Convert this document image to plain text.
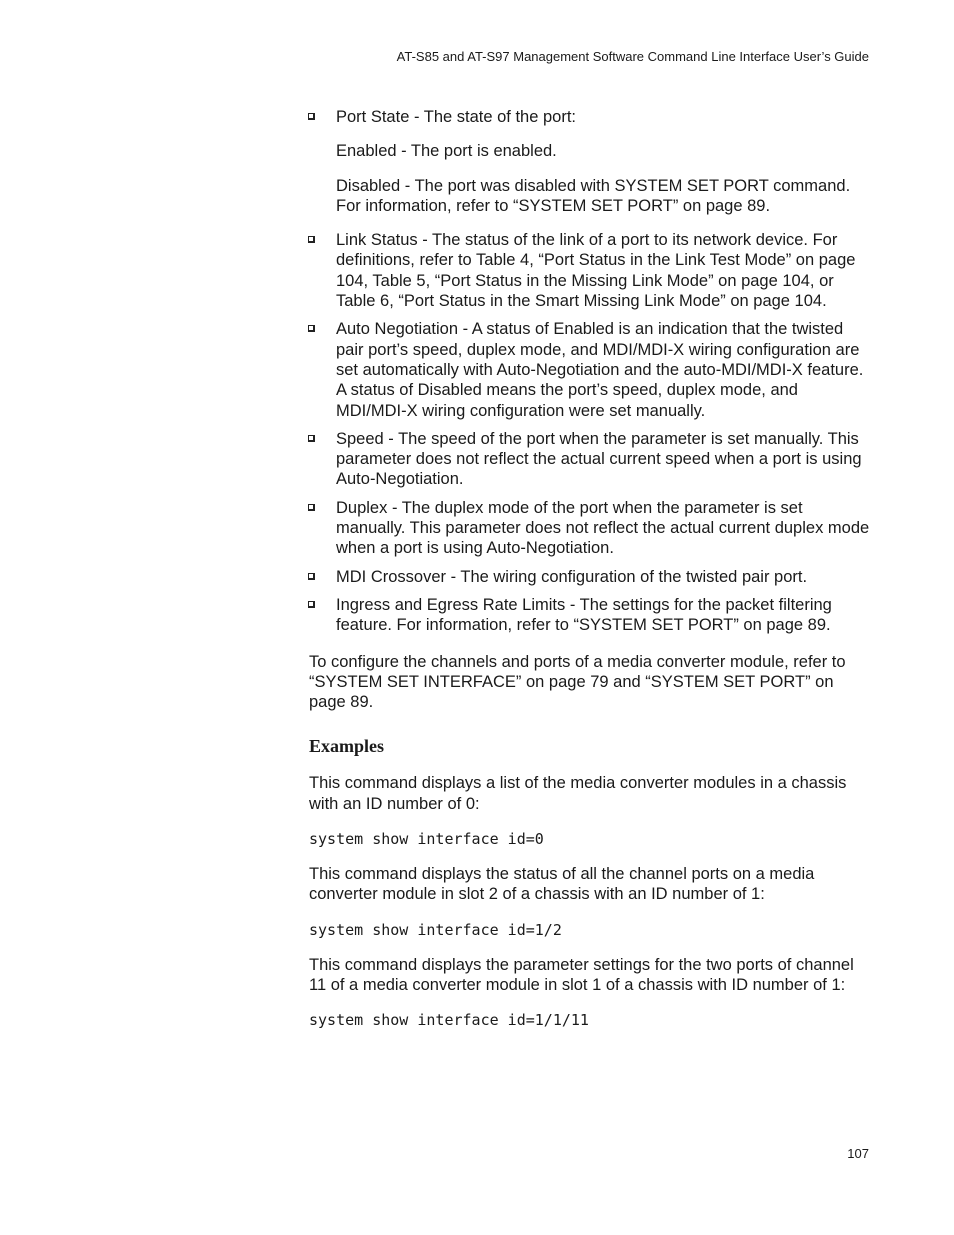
AT-S85 and AT-S97 Management Software Command Line Interface User’s Guide
Port State - The state of the port:

Enabled - The port is enabled.

Disabled - The port was disabled with SYSTEM SET PORT command. For information, refer to “SYSTEM SET PORT” on page 89.

Link Status - The status of the link of a port to its network device. For definitions, refer to Table 4, “Port Status in the Link Test Mode” on page 104, Table 5, “Port Status in the Missing Link Mode” on page 104, or Table 6, “Port Status in the Smart Missing Link Mode” on page 104.
Auto Negotiation - A status of Enabled is an indication that the twisted pair port’s speed, duplex mode, and MDI/MDI-X wiring configuration are set automatically with Auto-Negotiation and the auto-MDI/MDI-X feature. A status of Disabled means the port’s speed, duplex mode, and MDI/MDI-X wiring configuration were set manually.
Speed - The speed of the port when the parameter is set manually. This parameter does not reflect the actual current speed when a port is using Auto-Negotiation.
Duplex - The duplex mode of the port when the parameter is set manually. This parameter does not reflect the actual current duplex mode when a port is using Auto-Negotiation.
MDI Crossover - The wiring configuration of the twisted pair port.
Ingress and Egress Rate Limits - The settings for the packet filtering feature. For information, refer to “SYSTEM SET PORT” on page 89.

To configure the channels and ports of a media converter module, refer to “SYSTEM SET INTERFACE” on page 79 and “SYSTEM SET PORT” on page 89.

Examples

This command displays a list of the media converter modules in a chassis with an ID number of 0:

system show interface id=0

This command displays the status of all the channel ports on a media converter module in slot 2 of a chassis with an ID number of 1:

system show interface id=1/2

This command displays the parameter settings for the two ports of channel 11 of a media converter module in slot 1 of a chassis with ID number of 1:

system show interface id=1/1/11
107
